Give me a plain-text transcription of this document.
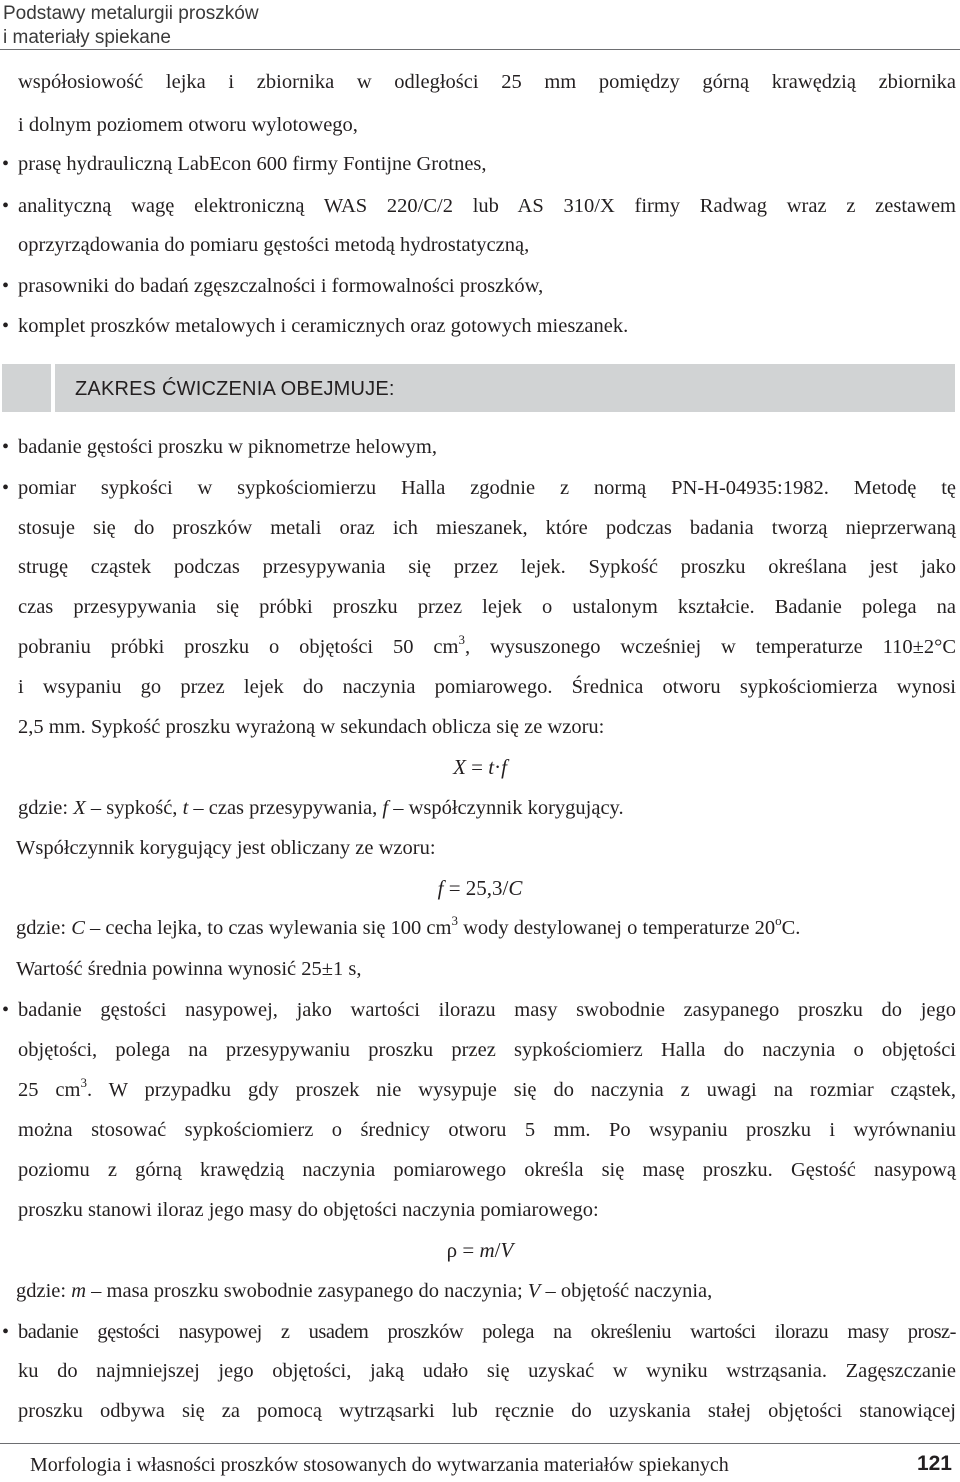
Podstawy metalurgii proszków
i materiały spiekane
współosiowość lejka i zbiornika w odległości 25 mm pomiędzy górną krawędzią zbiornika
i dolnym poziomem otworu wylotowego,
• prasę hydrauliczną LabEcon 600 firmy Fontijne Grotnes,
• analityczną wagę elektroniczną WAS 220/C/2 lub AS 310/X firmy Radwag wraz z zestawem
oprzyrządowania do pomiaru gęstości metodą hydrostatyczną,
• prasowniki do badań zgęszczalności i formowalności proszków,
• komplet proszków metalowych i ceramicznych oraz gotowych mieszanek.
ZAKRES ĆWICZENIA OBEJMUJE:
• badanie gęstości proszku w piknometrze helowym,
• pomiar sypkości w sypkościomierzu Halla zgodnie z normą PN-H-04935:1982. Metodę tę
stosuje się do proszków metali oraz ich mieszanek, które podczas badania tworzą nieprzerwaną
strugę cząstek podczas przesypywania się przez lejek. Sypkość proszku określana jest jako
czas przesypywania się próbki proszku przez lejek o ustalonym kształcie. Badanie polega na
pobraniu próbki proszku o objętości 50 $cm^3$, wysuszonego wcześniej w temperaturze 110±2°C
i wsypaniu go przez lejek do naczynia pomiarowego. Średnica otworu sypkościomierza wynosi
2,5 mm. Sypkość proszku wyrażoną w sekundach oblicza się ze wzoru:
X = t·f
gdzie: X – sypkość, t – czas przesypywania, f – współczynnik korygujący.
Współczynnik korygujący jest obliczany ze wzoru:
f = 25,3/C
gdzie: C – cecha lejka, to czas wylewania się 100 $cm^3$ wody destylowanej o temperaturze 20$^o$C.
Wartość średnia powinna wynosić 25±1 s,
• badanie gęstości nasypowej, jako wartości ilorazu masy swobodnie zasypanego proszku do jego
objętości, polega na przesypywaniu proszku przez sypkościomierz Halla do naczynia o objętości
25 $cm^3$. W przypadku gdy proszek nie wysypuje się do naczynia z uwagi na rozmiar cząstek,
można stosować sypkościomierz o średnicy otworu 5 mm. Po wsypaniu proszku i wyrównaniu
poziomu z górną krawędzią naczynia pomiarowego określa się masę proszku. Gęstość nasypową
proszku stanowi iloraz jego masy do objętości naczynia pomiarowego:
ρ = m/V
gdzie: m – masa proszku swobodnie zasypanego do naczynia; V – objętość naczynia,
• badanie gęstości nasypowej z usadem proszków polega na określeniu wartości ilorazu masy prosz-
ku do najmniejszej jego objętości, jaką udało się uzyskać w wyniku wstrząsania. Zagęszczanie
proszku odbywa się za pomocą wytrząsarki lub ręcznie do uzyskania stałej objętości stanowiącej
Morfologia i własności proszków stosowanych do wytwarzania materiałów spiekanych	121
